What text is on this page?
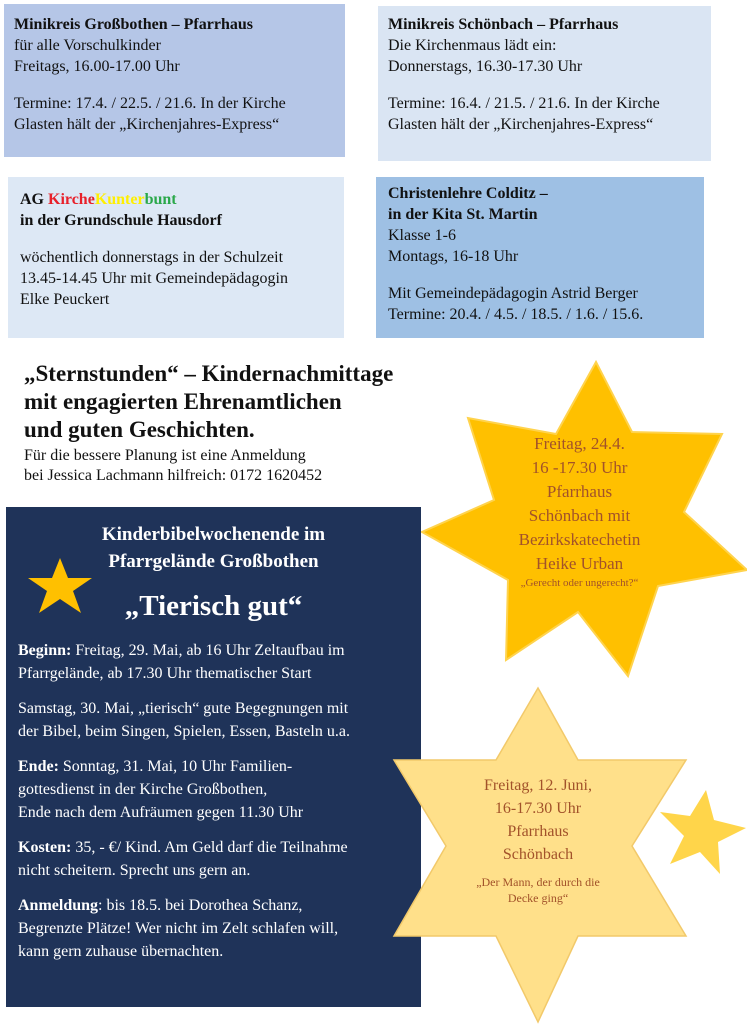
Minikreis Großbothen – Pfarrhaus
für alle Vorschulkinder
Freitags, 16.00-17.00 Uhr
Termine: 17.4. / 22.5. / 21.6. In der Kirche
Glasten hält der „Kirchenjahres-Express“
Minikreis Schönbach – Pfarrhaus
Die Kirchenmaus lädt ein:
Donnerstags, 16.30-17.30 Uhr
Termine: 16.4. / 21.5. / 21.6. In der Kirche
Glasten hält der „Kirchenjahres-Express“
AG KircheKunterbunt
in der Grundschule Hausdorf
wöchentlich donnerstags in der Schulzeit
13.45-14.45 Uhr mit Gemeindepädagogin
Elke Peuckert
Christenlehre Colditz –
in der Kita St. Martin
Klasse 1-6
Montags, 16-18 Uhr
Mit Gemeindepädagogin Astrid Berger
Termine: 20.4. / 4.5. / 18.5. / 1.6. / 15.6.
„Sternstunden“ – Kindernachmittage
mit engagierten Ehrenamtlichen
und guten Geschichten.
Für die bessere Planung ist eine Anmeldung
bei Jessica Lachmann hilfreich: 0172 1620452
Freitag, 24.4.
16 -17.30 Uhr
Pfarrhaus
Schönbach mit
Bezirkskatechetin
Heike Urban
„Gerecht oder ungerecht?“
Kinderbibelwochenende im
Pfarrgelände Großbothen
„Tierisch gut“
Beginn: Freitag, 29. Mai, ab 16 Uhr Zeltaufbau im
Pfarrgelände, ab 17.30 Uhr thematischer Start
Samstag, 30. Mai, „tierisch“ gute Begegnungen mit
der Bibel, beim Singen, Spielen, Essen, Basteln u.a.
Ende: Sonntag, 31. Mai, 10 Uhr Familien-
gottesdienst in der Kirche Großbothen,
Ende nach dem Aufräumen gegen 11.30 Uhr
Kosten: 35, - €/ Kind. Am Geld darf die Teilnahme
nicht scheitern. Sprecht uns gern an.
Anmeldung: bis 18.5. bei Dorothea Schanz,
Begrenzte Plätze! Wer nicht im Zelt schlafen will,
kann gern zuhause übernachten.
Freitag, 12. Juni,
16-17.30 Uhr
Pfarrhaus
Schönbach
„Der Mann, der durch die
Decke ging“
